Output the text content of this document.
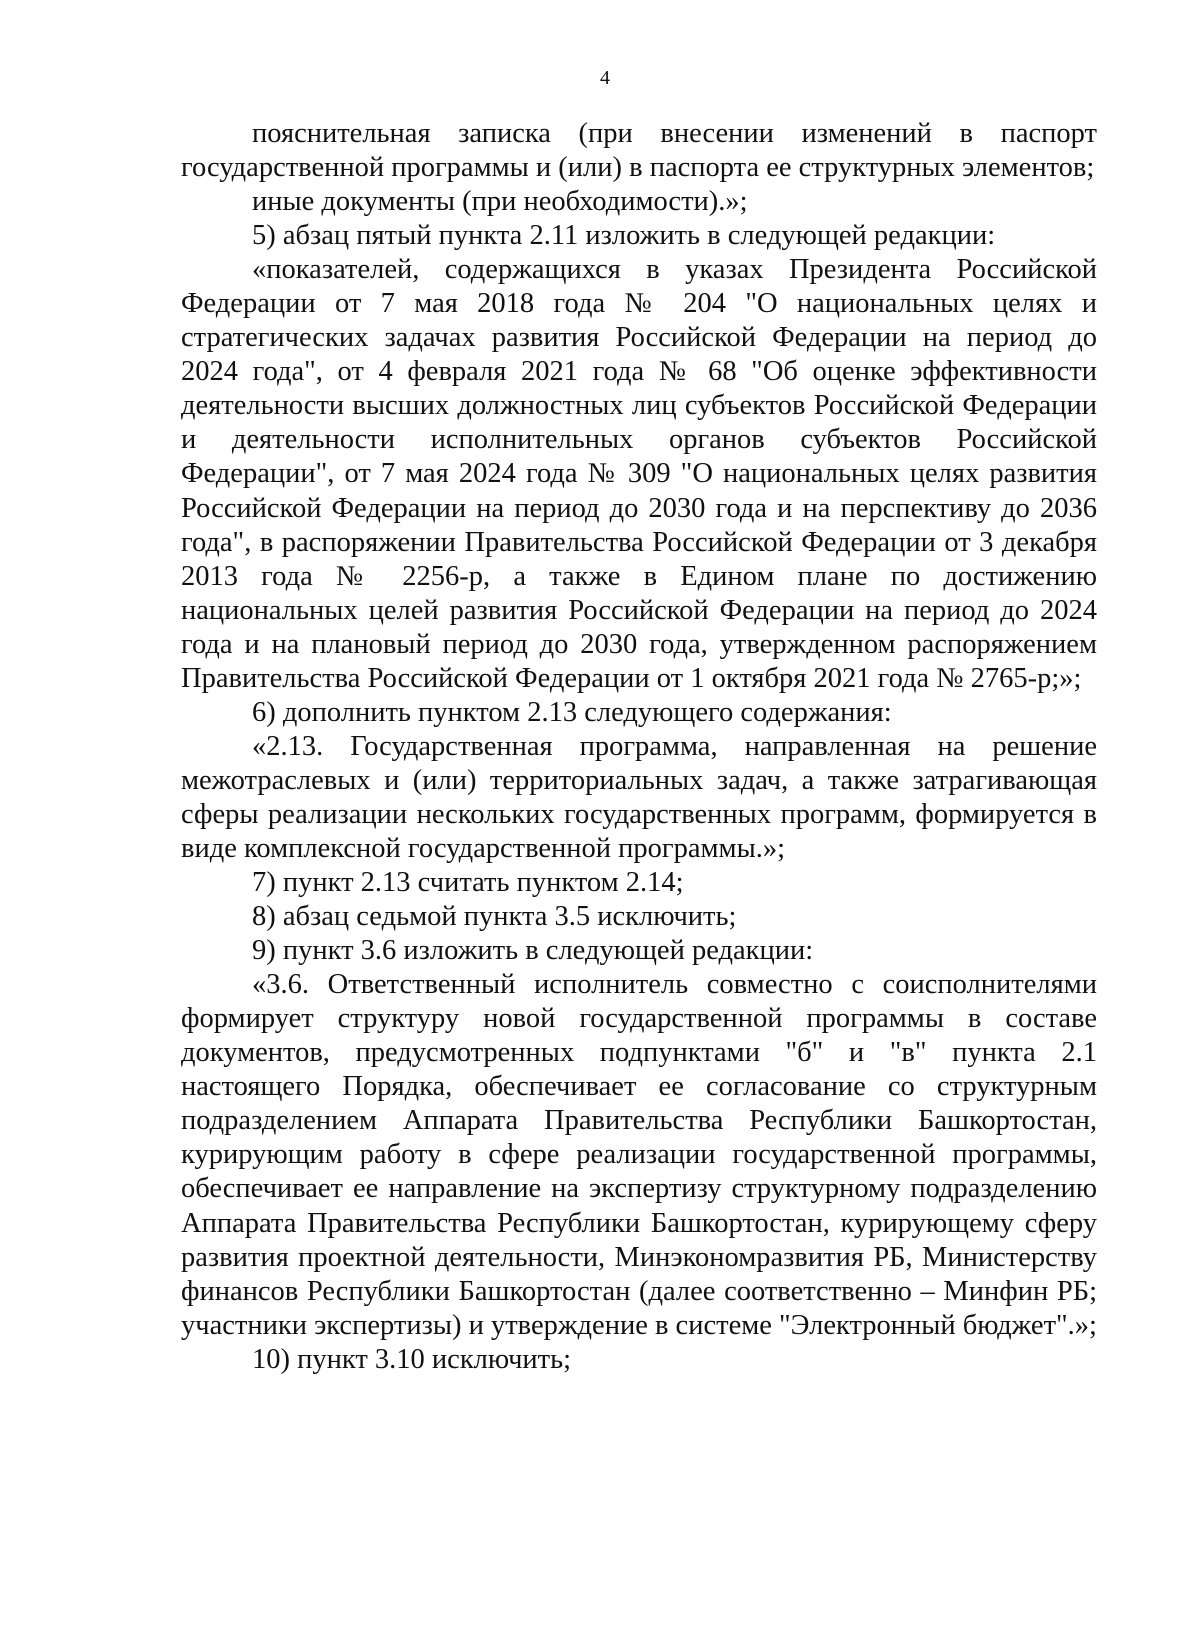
4

пояснительная записка (при внесении изменений в паспорт государственной программы и (или) в паспорта ее структурных элементов;

иные документы (при необходимости).»;

5) абзац пятый пункта 2.11 изложить в следующей редакции:

«показателей, содержащихся в указах Президента Российской Федерации от 7 мая 2018 года № 204 "О национальных целях и стратегических задачах развития Российской Федерации на период до 2024 года", от 4 февраля 2021 года № 68 "Об оценке эффективности деятельности высших должностных лиц субъектов Российской Федерации и деятельности исполнительных органов субъектов Российской Федерации", от 7 мая 2024 года № 309 "О национальных целях развития Российской Федерации на период до 2030 года и на перспективу до 2036 года", в распоряжении Правительства Российской Федерации от 3 декабря 2013 года № 2256-р, а также в Едином плане по достижению национальных целей развития Российской Федерации на период до 2024 года и на плановый период до 2030 года, утвержденном распоряжением Правительства Российской Федерации от 1 октября 2021 года № 2765-р;»;

6) дополнить пунктом 2.13 следующего содержания:

«2.13. Государственная программа, направленная на решение межотраслевых и (или) территориальных задач, а также затрагивающая сферы реализации нескольких государственных программ, формируется в виде комплексной государственной программы.»;

7) пункт 2.13 считать пунктом 2.14;

8) абзац седьмой пункта 3.5 исключить;

9) пункт 3.6 изложить в следующей редакции:

«3.6. Ответственный исполнитель совместно с соисполнителями формирует структуру новой государственной программы в составе документов, предусмотренных подпунктами "б" и "в" пункта 2.1 настоящего Порядка, обеспечивает ее согласование со структурным подразделением Аппарата Правительства Республики Башкортостан, курирующим работу в сфере реализации государственной программы, обеспечивает ее направление на экспертизу структурному подразделению Аппарата Правительства Республики Башкортостан, курирующему сферу развития проектной деятельности, Минэкономразвития РБ, Министерству финансов Республики Башкортостан (далее соответственно – Минфин РБ; участники экспертизы) и утверждение в системе "Электронный бюджет".»;

10) пункт 3.10 исключить;
